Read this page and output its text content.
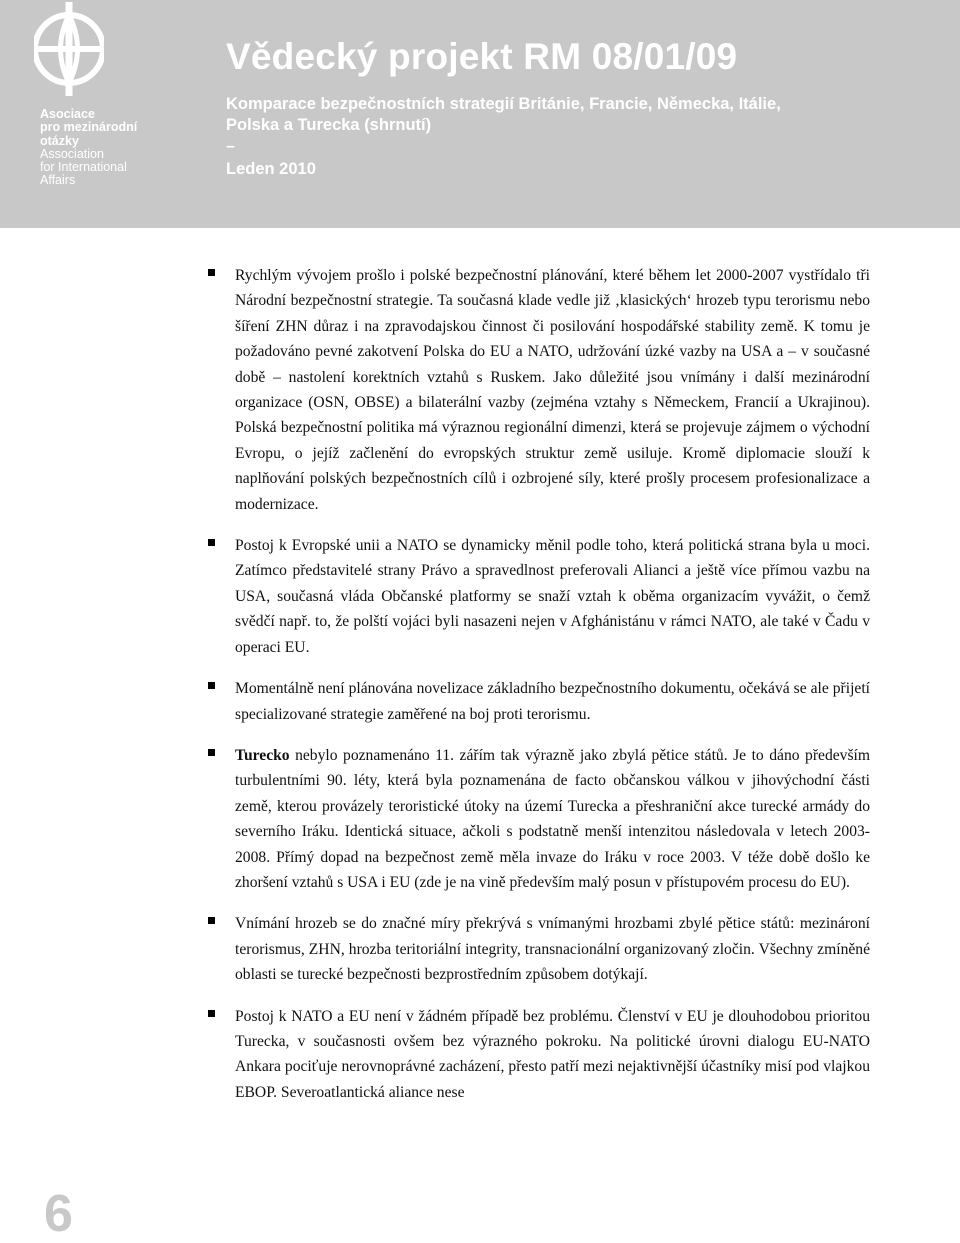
Asociace
pro mezinárodní
otázky
Association
for International
Affairs
Vědecký projekt RM 08/01/09
Komparace bezpečnostních strategií Británie, Francie, Německa, Itálie,
Polska a Turecka (shrnutí)
–
Leden 2010

Rychlým vývojem prošlo i polské bezpečnostní plánování, které během let 2000-2007 vystřídalo tři Národní bezpečnostní strategie. Ta současná klade vedle již ‚klasických‘ hrozeb typu terorismu nebo šíření ZHN důraz i na zpravodajskou činnost či posilování hospodářské stability země. K tomu je požadováno pevné zakotvení Polska do EU a NATO, udržování úzké vazby na USA a – v současné době – nastolení korektních vztahů s Ruskem. Jako důležité jsou vnímány i další mezinárodní organizace (OSN, OBSE) a bilaterální vazby (zejména vztahy s Německem, Francií a Ukrajinou). Polská bezpečnostní politika má výraznou regionální dimenzi, která se projevuje zájmem o východní Evropu, o jejíž začlenění do evropských struktur země usiluje. Kromě diplomacie slouží k naplňování polských bezpečnostních cílů i ozbrojené síly, které prošly procesem profesionalizace a modernizace.

Postoj k Evropské unii a NATO se dynamicky měnil podle toho, která politická strana byla u moci. Zatímco představitelé strany Právo a spravedlnost preferovali Alianci a ještě více přímou vazbu na USA, současná vláda Občanské platformy se snaží vztah k oběma organizacím vyvážit, o čemž svědčí např. to, že polští vojáci byli nasazeni nejen v Afghánistánu v rámci NATO, ale také v Čadu v operaci EU.

Momentálně není plánována novelizace základního bezpečnostního dokumentu, očekává se ale přijetí specializované strategie zaměřené na boj proti terorismu.

Turecko nebylo poznamenáno 11. zářím tak výrazně jako zbylá pětice států. Je to dáno především turbulentními 90. léty, která byla poznamenána de facto občanskou válkou v jihovýchodní části země, kterou provázely teroristické útoky na území Turecka a přeshraniční akce turecké armády do severního Iráku. Identická situace, ačkoli s podstatně menší intenzitou následovala v letech 2003-2008. Přímý dopad na bezpečnost země měla invaze do Iráku v roce 2003. V téže době došlo ke zhoršení vztahů s USA i EU (zde je na vině především malý posun v přístupovém procesu do EU).

Vnímání hrozeb se do značné míry překrývá s vnímanými hrozbami zbylé pětice států: mezinároní terorismus, ZHN, hrozba teritoriální integrity, transnacionální organizovaný zločin. Všechny zmíněné oblasti se turecké bezpečnosti bezprostředním způsobem dotýkají.

Postoj k NATO a EU není v žádném případě bez problému. Členství v EU je dlouhodobou prioritou Turecka, v současnosti ovšem bez výrazného pokroku. Na politické úrovni dialogu EU-NATO Ankara pociťuje nerovnoprávné zacházení, přesto patří mezi nejaktivnější účastníky misí pod vlajkou EBOP. Severoatlantická aliance nese

6
